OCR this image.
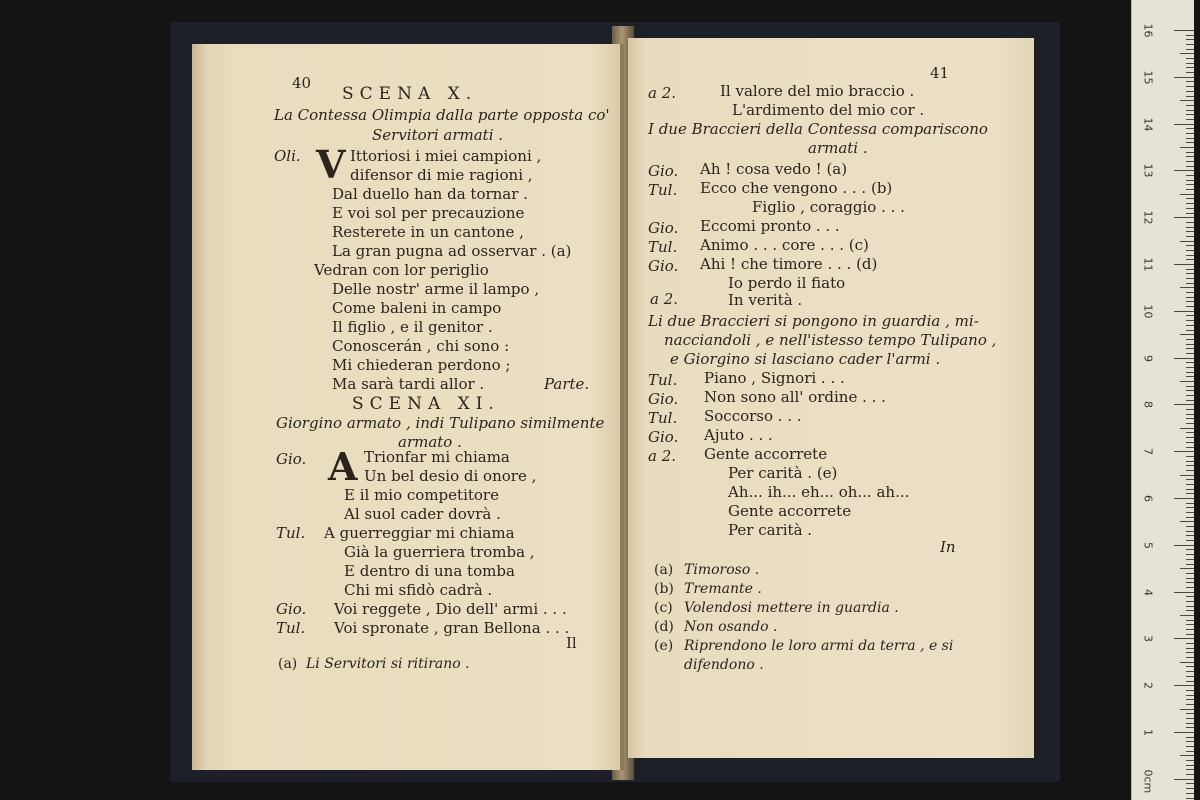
40
SCENA X.
La Contessa Olimpia dalla parte opposta co'
Servitori armati .
Oli. V Ittoriosi i miei campioni ,
difensor di mie ragioni ,
Dal duello han da tornar .
E voi sol per precauzione
Resterete in un cantone ,
La gran pugna ad osservar . (a)
Vedran con lor periglio
Delle nostr' arme il lampo ,
Come baleni in campo
Il figlio , e il genitor .
Conoscerán , chi sono :
Mi chiederan perdono ;
Ma sarà tardi allor .	Parte.
SCENA XI.
Giorgino armato , indi Tulipano similmente
armato .
Gio. A Trionfar mi chiama
Un bel desio di onore ,
E il mio competitore
Al suol cader dovrà .
Tul.	A guerreggiar mi chiama
Già la guerriera tromba ,
E dentro di una tomba
Chi mi sfidò cadrà .
Gio.	Voi reggete , Dio dell' armi . . .
Tul.	Voi spronate , gran Bellona . . .
Il
(a) Li Servitori si ritirano .
41
a 2.	Il valore del mio braccio .
L'ardimento del mio cor .
I due Braccieri della Contessa compariscono
armati .
Gio.	Ah ! cosa vedo ! (a)
Tul.	Ecco che vengono . . . (b)
Figlio , coraggio . . .
Gio.	Eccomi pronto . . .
Tul.	Animo . . . core . . . (c)
Gio.	Ahi ! che timore . . . (d)
Io perdo il fiato
a 2.	In verità .
Li due Braccieri si pongono in guardia , mi-
nacciandoli , e nell'istesso tempo Tulipano ,
e Giorgino si lasciano cader l'armi .
Tul.	Piano , Signori . . .
Gio.	Non sono all' ordine . . .
Tul.	Soccorso . . .
Gio.	Ajuto . . .
a 2.	Gente accorrete
Per carità . (e)
Ah... ih... eh... oh... ah...
Gente accorrete
Per carità .
In
(a) Timoroso .
(b) Tremante .
(c) Volendosi mettere in guardia .
(d) Non osando .
(e) Riprendono le loro armi da terra , e si
difendono .
16
15
14
13
12
11
10
9
8
7
6
5
4
3
2
1
0cm
